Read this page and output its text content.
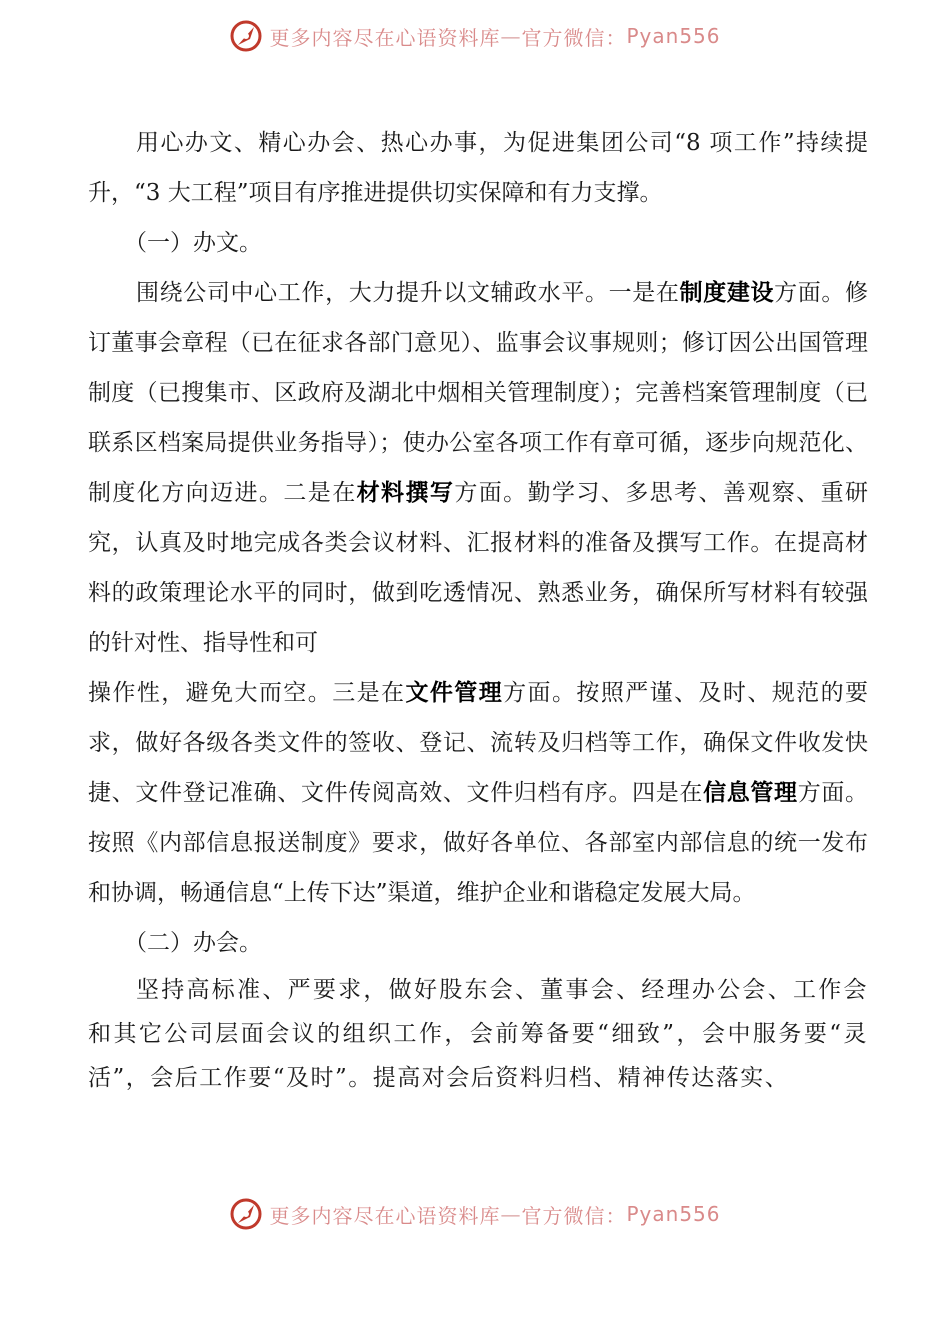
更多内容尽在心语资料库 — 官方微信： Pyan556

用心办文、精心办会、热心办事，为促进集团公司“8 项工作”持续提升，“3 大工程”项目有序推进提供切实保障和有力支撑。

（一）办文。

围绕公司中心工作，大力提升以文辅政水平。一是在制度建设方面。修订董事会章程（已在征求各部门意见）、监事会议事规则；修订因公出国管理制度（已搜集市、区政府及湖北中烟相关管理制度）；完善档案管理制度（已联系区档案局提供业务指导）；使办公室各项工作有章可循，逐步向规范化、制度化方向迈进。二是在材料撰写方面。勤学习、多思考、善观察、重研究，认真及时地完成各类会议材料、汇报材料的准备及撰写工作。在提高材料的政策理论水平的同时，做到吃透情况、熟悉业务，确保所写材料有较强的针对性、指导性和可

操作性，避免大而空。三是在文件管理方面。按照严谨、及时、规范的要求，做好各级各类文件的签收、登记、流转及归档等工作，确保文件收发快捷、文件登记准确、文件传阅高效、文件归档有序。四是在信息管理方面。按照《内部信息报送制度》要求，做好各单位、各部室内部信息的统一发布和协调，畅通信息“上传下达”渠道，维护企业和谐稳定发展大局。

（二）办会。

坚持高标准、严要求，做好股东会、董事会、经理办公会、工作会和其它公司层面会议的组织工作，会前筹备要“细致”，会中服务要“灵活”，会后工作要“及时”。提高对会后资料归档、精神传达落实、

更多内容尽在心语资料库 — 官方微信： Pyan556
